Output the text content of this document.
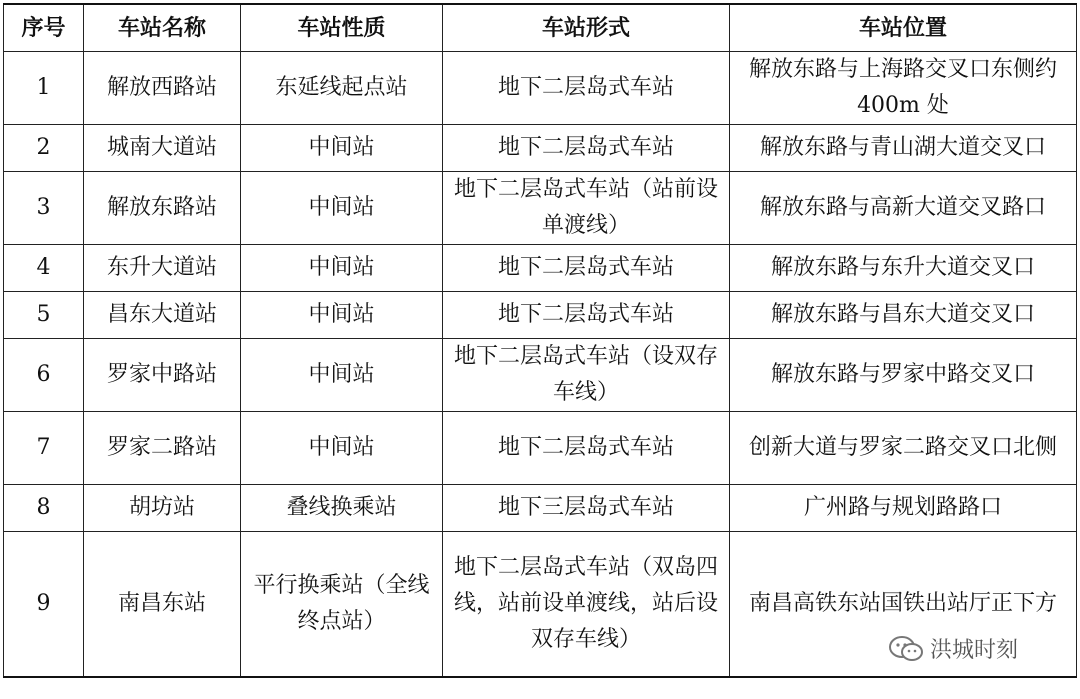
序号	车站名称	车站性质	车站形式	车站位置
1	解放西路站	东延线起点站	地下二层岛式车站	解放东路与上海路交叉口东侧约 400m 处
2	城南大道站	中间站	地下二层岛式车站	解放东路与青山湖大道交叉口
3	解放东路站	中间站	地下二层岛式车站（站前设单渡线）	解放东路与高新大道交叉路口
4	东升大道站	中间站	地下二层岛式车站	解放东路与东升大道交叉口
5	昌东大道站	中间站	地下二层岛式车站	解放东路与昌东大道交叉口
6	罗家中路站	中间站	地下二层岛式车站（设双存车线）	解放东路与罗家中路交叉口
7	罗家二路站	中间站	地下二层岛式车站	创新大道与罗家二路交叉口北侧
8	胡坊站	叠线换乘站	地下三层岛式车站	广州路与规划路路口
9	南昌东站	平行换乘站（全线终点站）	地下二层岛式车站（双岛四线，站前设单渡线，站后设双存车线）	南昌高铁东站国铁出站厅正下方
洪城时刻
